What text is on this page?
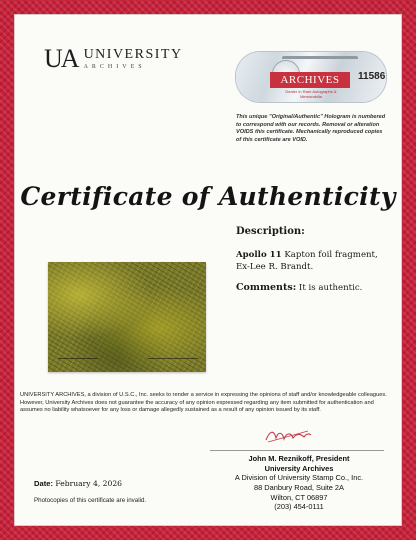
UA UNIVERSITY
ARCHIVES
ARCHIVES
Dealer In Rare Autographs & Memorabilia
11586
This unique "Original/Authentic" Hologram is numbered to correspond with our records. Removal or alteration VOIDS this certificate. Mechanically reproduced copies of this certificate are VOID.
Certificate of Authenticity
Description:
Apollo 11 Kapton foil fragment, Ex-Lee R. Brandt.
Comments: It is authentic.
UNIVERSITY ARCHIVES, a division of U.S.C., Inc. seeks to render a service in expressing the opinions of staff and/or knowledgeable colleagues. However, University Archives does not guarantee the accuracy of any opinion expressed regarding any item submitted for authentication and assumes no liability whatsoever for any loss or damage allegedly sustained as a result of any opinion issued by its staff.
John M. Reznikoff, President
University Archives
A Division of University Stamp Co., Inc.
88 Danbury Road, Suite 2A
Wilton, CT 06897
(203) 454-0111
Date: February 4, 2026
Photocopies of this certificate are invalid.
